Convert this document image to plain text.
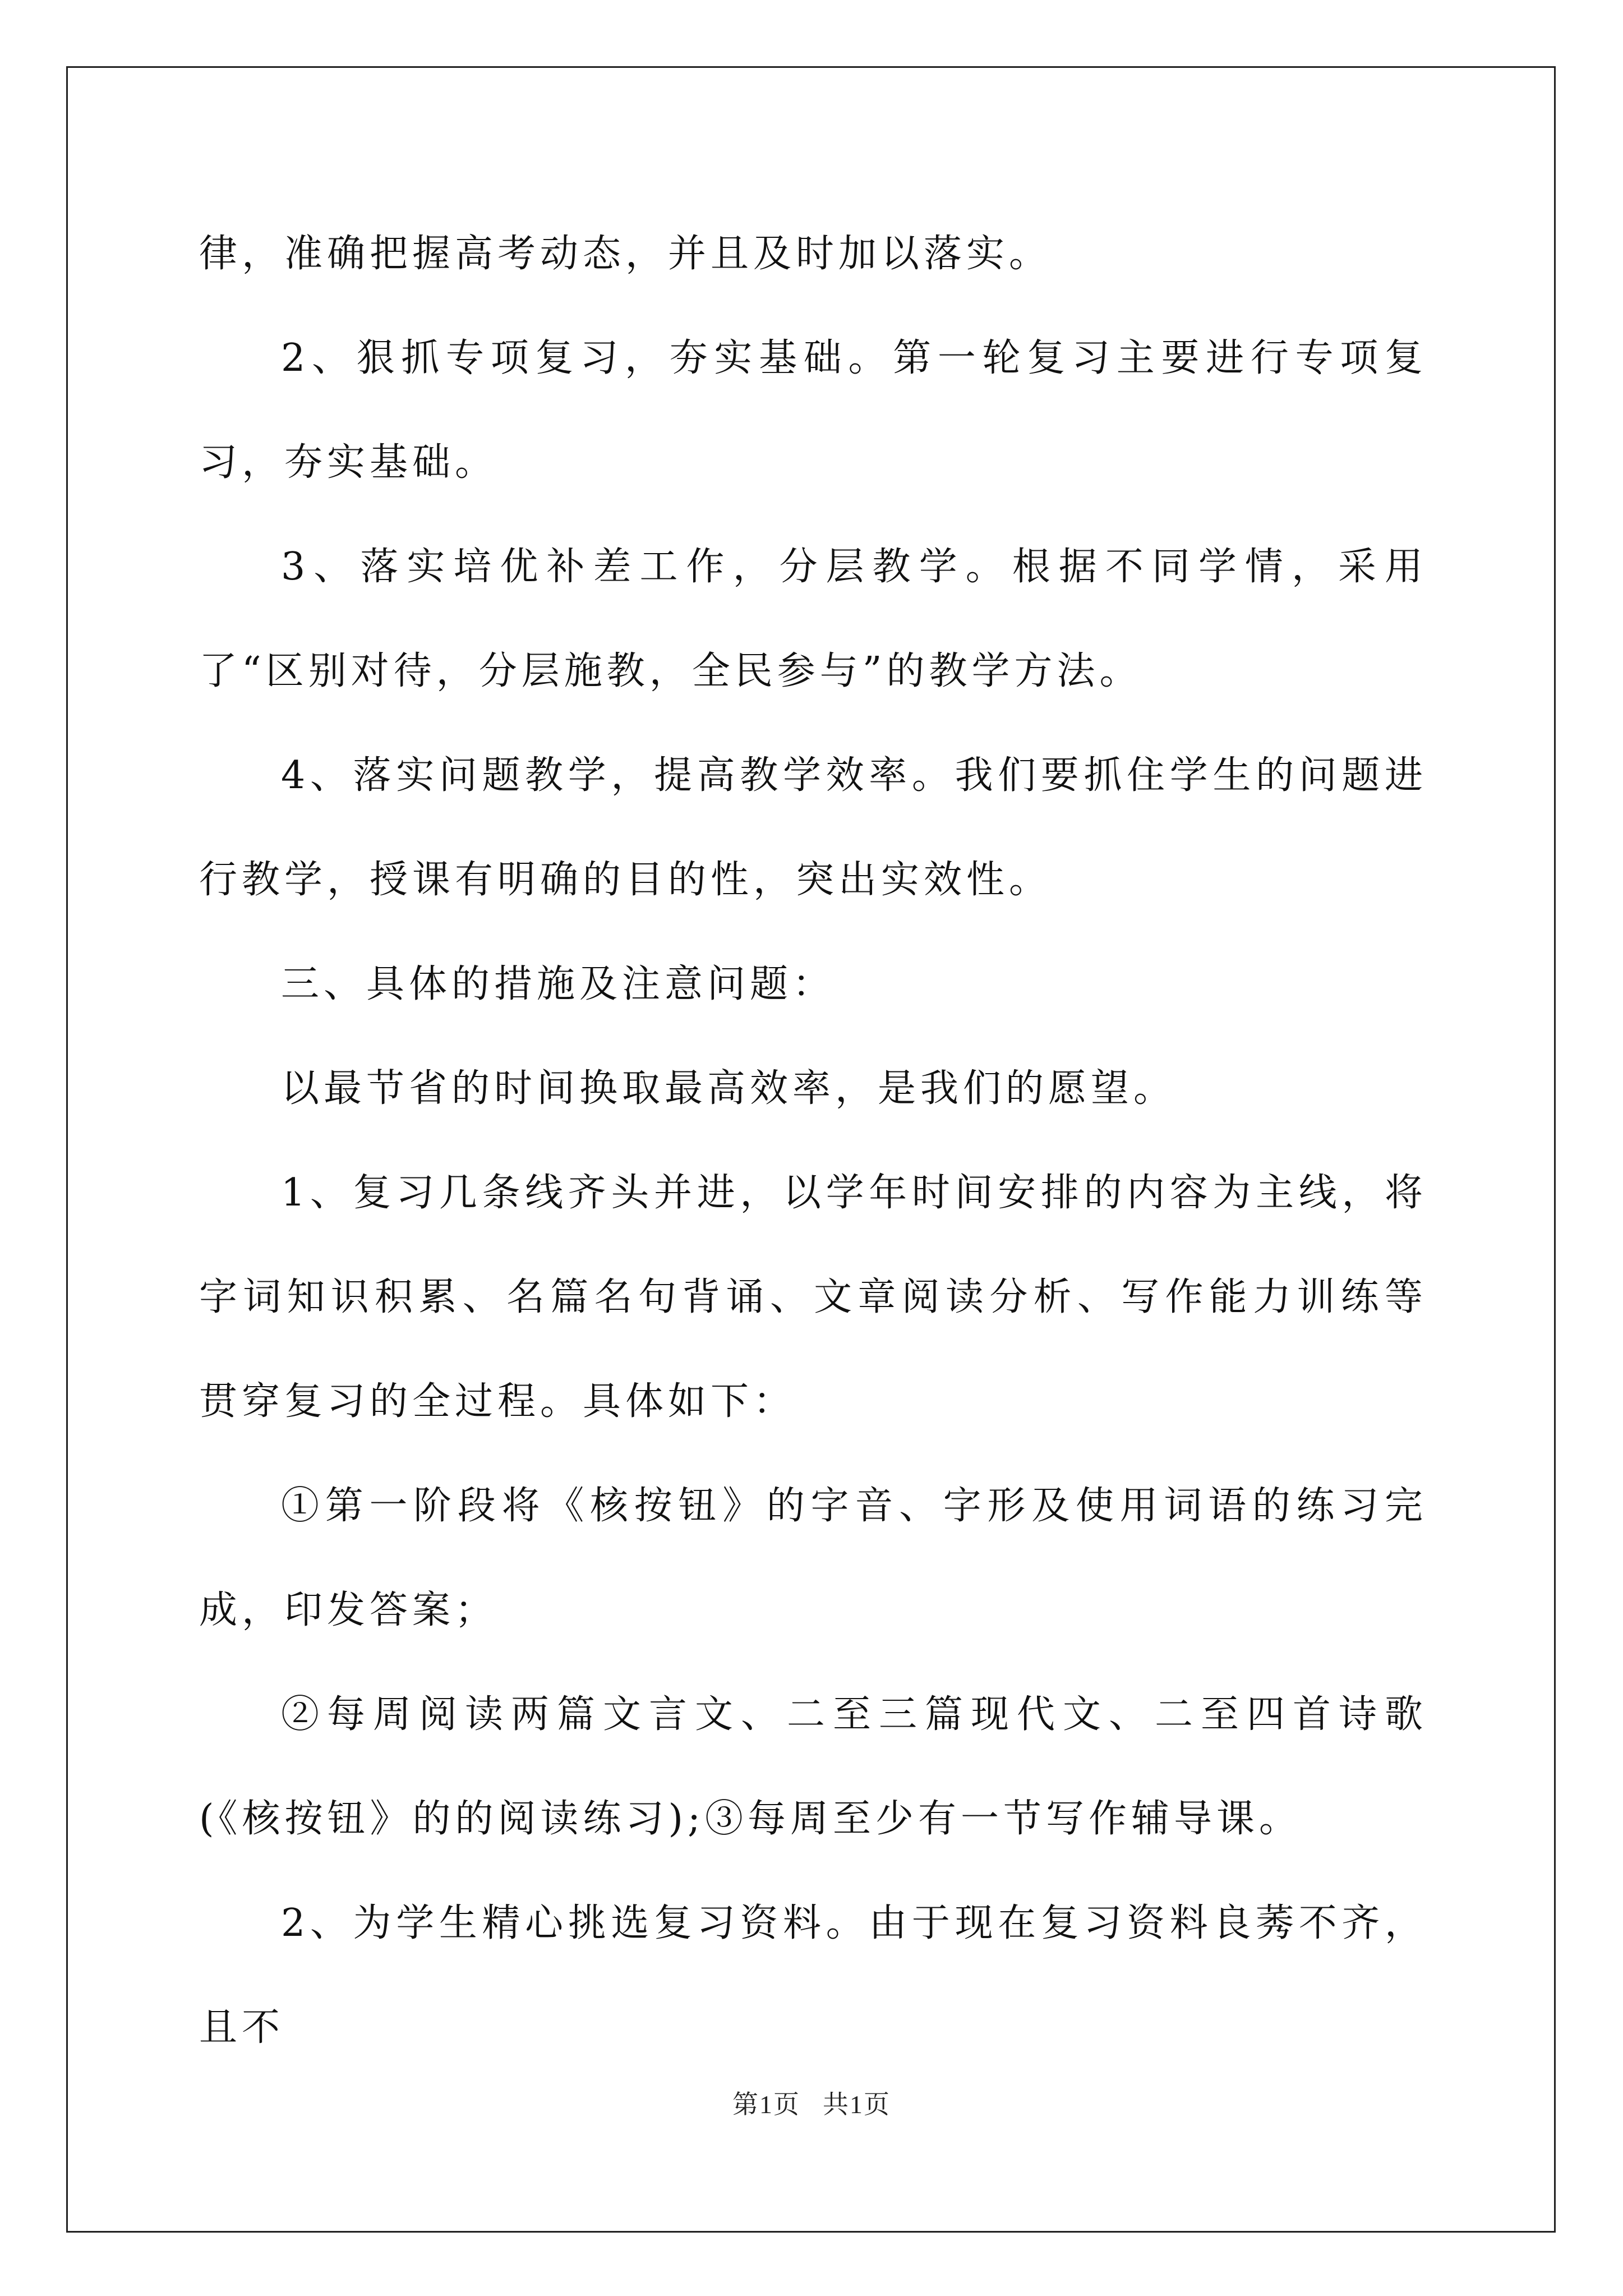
律，准确把握高考动态，并且及时加以落实。

2、狠抓专项复习，夯实基础。第一轮复习主要进行专项复习，夯实基础。

3、落实培优补差工作，分层教学。根据不同学情，采用了“区别对待，分层施教，全民参与”的教学方法。

4、落实问题教学，提高教学效率。我们要抓住学生的问题进行教学，授课有明确的目的性，突出实效性。

三、具体的措施及注意问题：

以最节省的时间换取最高效率，是我们的愿望。

1、复习几条线齐头并进，以学年时间安排的内容为主线，将字词知识积累、名篇名句背诵、文章阅读分析、写作能力训练等贯穿复习的全过程。具体如下：

①第一阶段将《核按钮》的字音、字形及使用词语的练习完成，印发答案；

②每周阅读两篇文言文、二至三篇现代文、二至四首诗歌(《核按钮》的的阅读练习);③每周至少有一节写作辅导课。

2、为学生精心挑选复习资料。由于现在复习资料良莠不齐，且不

第1页 共1页
